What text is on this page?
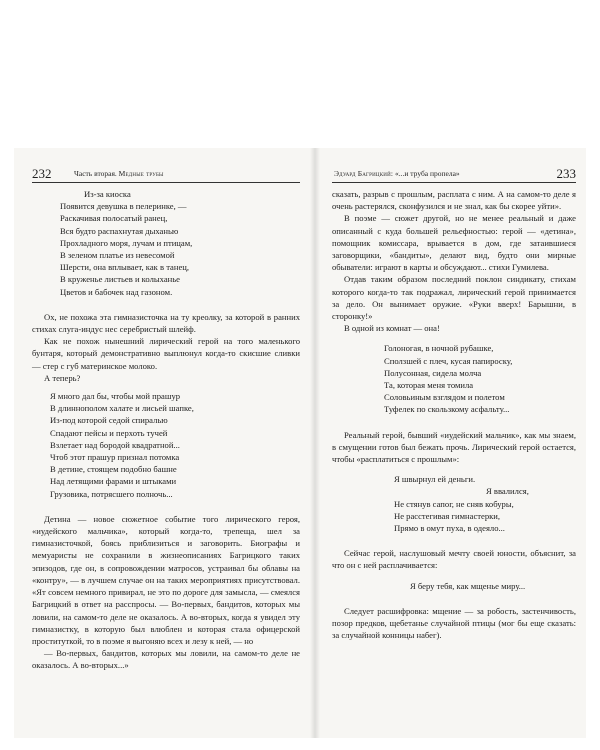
232	Часть вторая. Медные трубы
Из-за киоска
Появится девушка в пелеринке, —
Раскачивая полосатый ранец,
Вся будто распахнутая дыханью
Прохладного моря, лучам и птицам,
В зеленом платье из невесомой
Шерсти, она вплывает, как в танец,
В круженье листьев и колыханье
Цветов и бабочек над газоном.

Ох, не похожа эта гимназисточка на ту креолку, за которой в ранних стихах слуга-индус нес серебристый шлейф.

Как не похож нынешний лирический герой на того маленького бунтаря, который демонстративно выплюнул когда-то скисшие сливки — стер с губ материнское молоко.

А теперь?

Я много дал бы, чтобы мой прашур
В длиннополом халате и лисьей шапке,
Из-под которой седой спиралью
Спадают пейсы и перхоть тучей
Взлетает над бородой квадратной...
Чтоб этот прашур признал потомка
В детине, стоящем подобно башне
Над летящими фарами и штыками
Грузовика, потрясшего полночь...

Детина — новое сюжетное событие того лирического героя, «иудейского мальчика», который когда-то, трепеща, шел за гимназисточкой, боясь приблизиться и заговорить. Биографы и мемуаристы не сохранили в жизнеописаниях Багрицкого таких эпизодов, где он, в сопровождении матросов, устраивал бы облавы на «контру», — в лучшем случае он на таких мероприятиях присутствовал. «Ят совсем немного привирал, не это по дороге для замысла, — смеялся Багрицкий в ответ на расспросы. — Во-первых, бандитов, которых мы ловили, на самом-то деле не оказалось. А во-вторых, когда я увидел эту гимназистку, в которую был влюблен и которая стала офицерской проституткой, то в поэме я выгоняю всех и лезу к ней, — но

— Во-первых, бандитов, которых мы ловили, на самом-то деле не оказалось. А во-вторых...»

Эдуард Багрицкий: «...и труба пропела»	233

сказать, разрыв с прошлым, расплата с ним. А на самом-то деле я очень растерялся, сконфузился и не знал, как бы скорее уйти».

В поэме — сюжет другой, но не менее реальный и даже описанный с куда большей рельефностью: герой — «детина», помощник комиссара, врывается в дом, где затаившиеся заговорщики, «бандиты», делают вид, будто они мирные обыватели: играют в карты и обсуждают... стихи Гумилева.

Отдав таким образом последний поклон синдикату, стихам которого когда-то так подражал, лирический герой принимается за дело. Он вынимает оружие. «Руки вверх! Барышни, в сторонку!»

В одной из комнат — она!

Голоногая, в ночной рубашке,
Сползшей с плеч, кусая папироску,
Полусонная, сидела молча
Та, которая меня томила
Соловьиным взглядом и полетом
Туфелек по скользкому асфальту...

Реальный герой, бывший «иудейский мальчик», как мы знаем, в смущении готов был бежать прочь. Лирический герой остается, чтобы «расплатиться с прошлым»:

Я швырнул ей деньги.
Я ввалился,
Не стянув сапог, не сняв кобуры,
Не расстегивая гимнастерки,
Прямо в омут пуха, в одеяло...

Сейчас герой, наслушовый мечту своей юности, объяснит, за что он с ней расплачивается:

Я беру тебя, как мщенье миру...

Следует расшифровка: мщение — за робость, застенчивость, позор предков, щебетанье случайной птицы (мог бы еще сказать: за случайной конницы набег).
